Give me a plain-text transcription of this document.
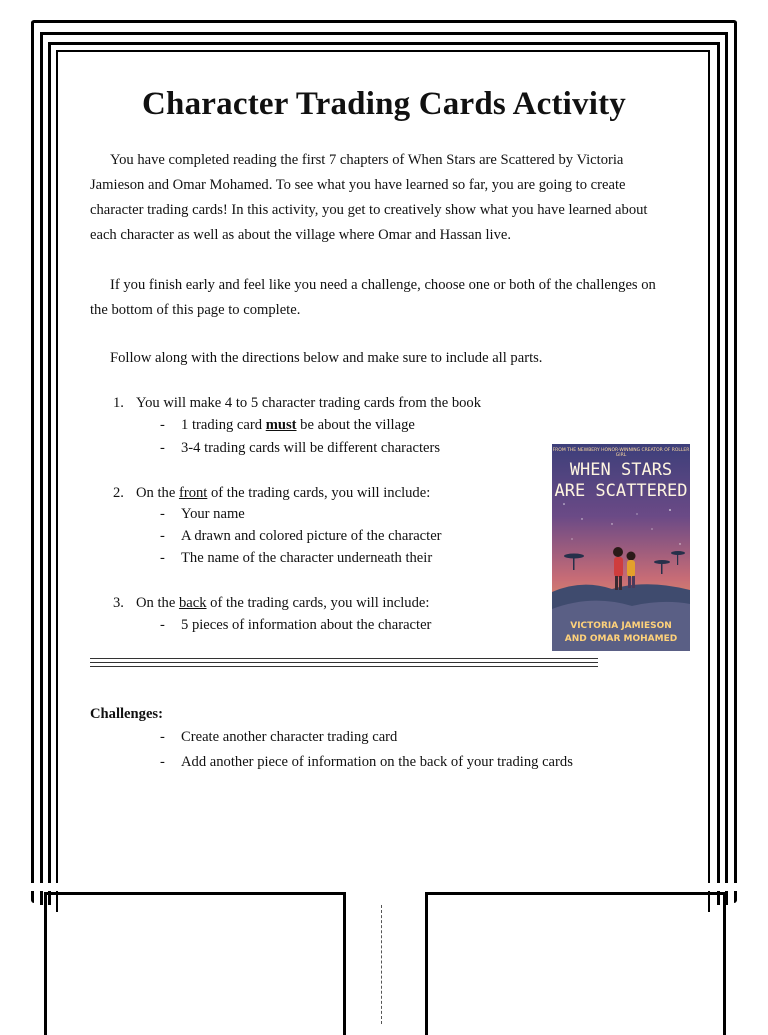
Character Trading Cards Activity

You have completed reading the first 7 chapters of When Stars are Scattered by Victoria Jamieson and Omar Mohamed. To see what you have learned so far, you are going to create character trading cards! In this activity, you get to creatively show what you have learned about each character as well as about the village where Omar and Hassan live.

If you finish early and feel like you need a challenge, choose one or both of the challenges on the bottom of this page to complete.

Follow along with the directions below and make sure to include all parts.

1. You will make 4 to 5 character trading cards from the book
- 1 trading card must be about the village
- 3-4 trading cards will be different characters
2. On the front of the trading cards, you will include:
- Your name
- A drawn and colored picture of the character
- The name of the character underneath their
3. On the back of the trading cards, you will include:
- 5 pieces of information about the character
FROM THE NEWBERY HONOR-WINNING CREATOR OF ROLLER GIRL
WHEN STARS
ARE SCATTERED
VICTORIA JAMIESON
AND OMAR MOHAMED
Challenges:
- Create another character trading card
- Add another piece of information on the back of your trading cards
